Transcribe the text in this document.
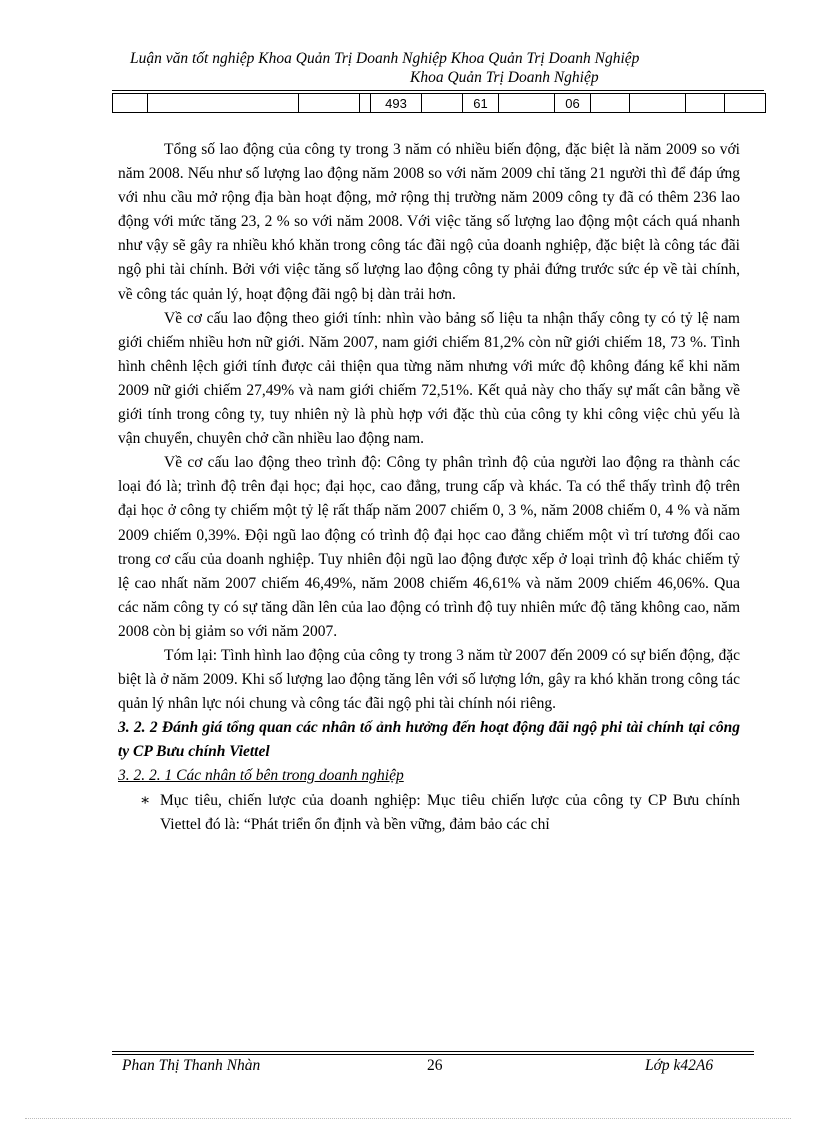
Luận văn tốt nghiệp Khoa Quản Trị Doanh Nghiệp Khoa Quản Trị Doanh Nghiệp
Khoa Quản Trị Doanh Nghiệp
				493		61		06				

Tổng số lao động của công ty trong 3 năm có nhiều biến động, đặc biệt là năm 2009 so với năm 2008. Nếu như số lượng lao động năm 2008 so với năm 2009 chỉ tăng 21 người thì để đáp ứng với nhu cầu mở rộng địa bàn hoạt động, mở rộng thị trường năm 2009 công ty đã có thêm 236 lao động với mức tăng 23, 2 % so với năm 2008. Với việc tăng số lượng lao động một cách quá nhanh như vậy sẽ gây ra nhiều khó khăn trong công tác đãi ngộ của doanh nghiệp, đặc biệt là công tác đãi ngộ phi tài chính. Bởi với việc tăng số lượng lao động công ty phải đứng trước sức ép về tài chính, về công tác quản lý, hoạt động đãi ngộ bị dàn trải hơn.

Về cơ cấu lao động theo giới tính: nhìn vào bảng số liệu ta nhận thấy công ty có tỷ lệ nam giới chiếm nhiều hơn nữ giới. Năm 2007, nam giới chiếm 81,2% còn nữ giới chiếm 18, 73 %. Tình hình chênh lệch giới tính được cải thiện qua từng năm nhưng với mức độ không đáng kể khi năm 2009 nữ giới chiếm 27,49% và nam giới chiếm 72,51%. Kết quả này cho thấy sự mất cân bằng về giới tính trong công ty, tuy nhiên nỳ là phù hợp với đặc thù của công ty khi công việc chủ yếu là vận chuyển, chuyên chở cần nhiều lao động nam.

Về cơ cấu lao động theo trình độ: Công ty phân trình độ của người lao động ra thành các loại đó là; trình độ trên đại học; đại học, cao đẳng, trung cấp và khác. Ta có thể thấy trình độ trên đại học ở công ty chiếm một tỷ lệ rất thấp năm 2007 chiếm 0, 3 %, năm 2008 chiếm 0, 4 % và năm 2009 chiếm 0,39%. Đội ngũ lao động có trình độ đại học cao đẳng chiếm một vì trí tương đối cao trong cơ cấu của doanh nghiệp. Tuy nhiên đội ngũ lao động được xếp ở loại trình độ khác chiếm tỷ lệ cao nhất năm 2007 chiếm 46,49%, năm 2008 chiếm 46,61% và năm 2009 chiếm 46,06%. Qua các năm công ty có sự tăng dần lên của lao động có trình độ tuy nhiên mức độ tăng không cao, năm 2008 còn bị giảm so với năm 2007.

Tóm lại: Tình hình lao động của công ty trong 3 năm từ 2007 đến 2009 có sự biến động, đặc biệt là ở năm 2009. Khi số lượng lao động tăng lên với số lượng lớn, gây ra khó khăn trong công tác quản lý nhân lực nói chung và công tác đãi ngộ phi tài chính nói riêng.

3. 2. 2 Đánh giá tổng quan các nhân tố ảnh hưởng đến hoạt động đãi ngộ phi tài chính tại công ty CP Bưu chính Viettel
3. 2. 2. 1 Các nhân tố bên trong doanh nghiệp
∗ Mục tiêu, chiến lược của doanh nghiệp: Mục tiêu chiến lược của công ty CP Bưu chính Viettel đó là: “Phát triển ổn định và bền vững, đảm bảo các chỉ
Phan Thị Thanh Nhàn	26	Lớp k42A6
